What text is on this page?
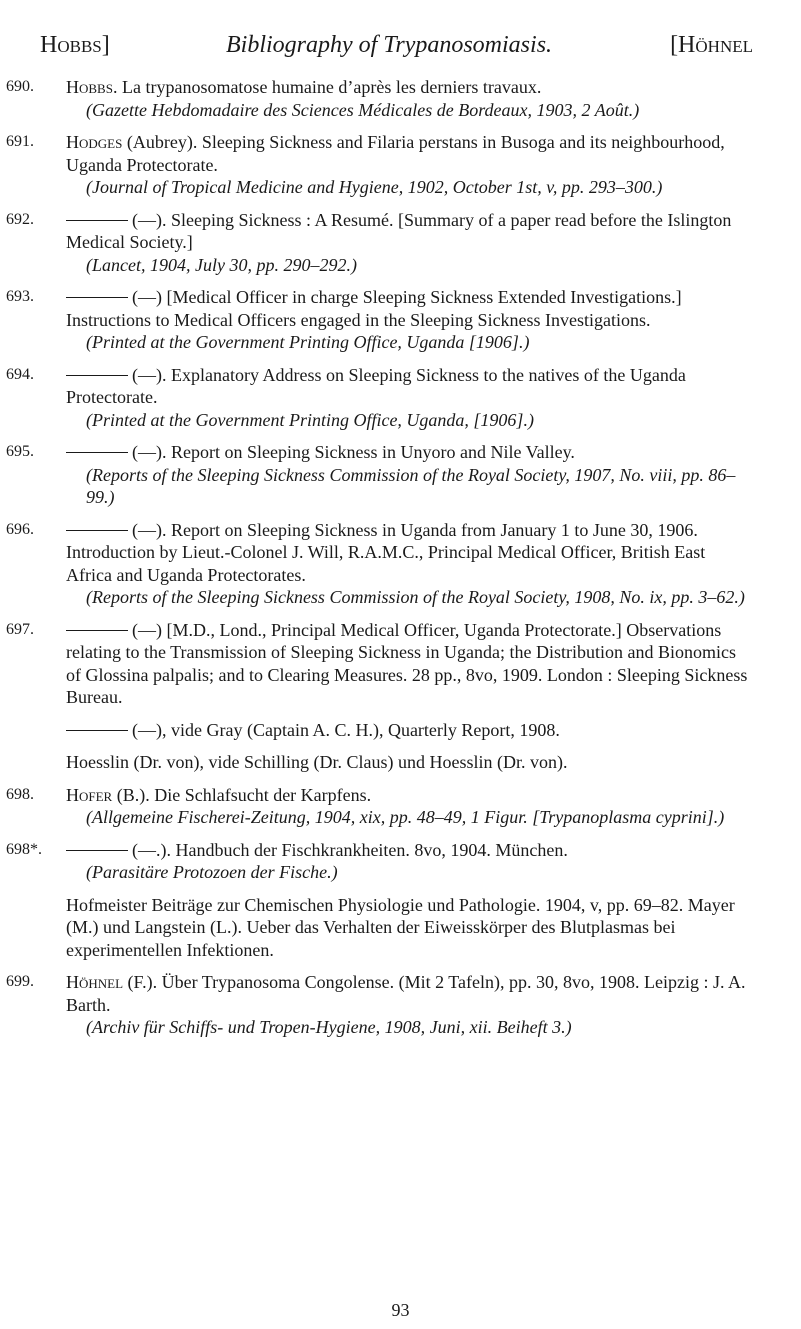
Hobbs]	Bibliography of Trypanosomiasis.	[Höhnel
690. Hobbs. La trypanosomatose humaine d’après les derniers travaux.
(Gazette Hebdomadaire des Sciences Médicales de Bordeaux, 1903, 2 Août.)
691. Hodges (Aubrey). Sleeping Sickness and Filaria perstans in Busoga and its neighbourhood, Uganda Protectorate.
(Journal of Tropical Medicine and Hygiene, 1902, October 1st, v, pp. 293–300.)
692.	(—). Sleeping Sickness : A Resumé. [Summary of a paper read before the Islington Medical Society.]
(Lancet, 1904, July 30, pp. 290–292.)
693.	(—) [Medical Officer in charge Sleeping Sickness Extended Investigations.] Instructions to Medical Officers engaged in the Sleeping Sickness Investigations.
(Printed at the Government Printing Office, Uganda [1906].)
694.	(—). Explanatory Address on Sleeping Sickness to the natives of the Uganda Protectorate.
(Printed at the Government Printing Office, Uganda, [1906].)
695.	(—). Report on Sleeping Sickness in Unyoro and Nile Valley.
(Reports of the Sleeping Sickness Commission of the Royal Society, 1907, No. viii, pp. 86–99.)
696.	(—). Report on Sleeping Sickness in Uganda from January 1 to June 30, 1906. Introduction by Lieut.-Colonel J. Will, R.A.M.C., Principal Medical Officer, British East Africa and Uganda Protectorates.
(Reports of the Sleeping Sickness Commission of the Royal Society, 1908, No. ix, pp. 3–62.)
697.	(—) [M.D., Lond., Principal Medical Officer, Uganda Protectorate.] Observations relating to the Transmission of Sleeping Sickness in Uganda; the Distribution and Bionomics of Glossina palpalis; and to Clearing Measures. 28 pp., 8vo, 1909. London : Sleeping Sickness Bureau.
(—), vide Gray (Captain A. C. H.), Quarterly Report, 1908.
Hoesslin (Dr. von), vide Schilling (Dr. Claus) und Hoesslin (Dr. von).
698. Hofer (B.). Die Schlafsucht der Karpfens.
(Allgemeine Fischerei-Zeitung, 1904, xix, pp. 48–49, 1 Figur. [Trypanoplasma cyprini].)
698*.	(—.). Handbuch der Fischkrankheiten. 8vo, 1904. München.
(Parasitäre Protozoen der Fische.)
Hofmeister Beiträge zur Chemischen Physiologie und Pathologie. 1904, v, pp. 69–82. Mayer (M.) und Langstein (L.). Ueber das Verhalten der Eiweisskörper des Blutplasmas bei experimentellen Infektionen.
699. Höhnel (F.). Über Trypanosoma Congolense. (Mit 2 Tafeln), pp. 30, 8vo, 1908. Leipzig : J. A. Barth.
(Archiv für Schiffs- und Tropen-Hygiene, 1908, Juni, xii. Beiheft 3.)
93
